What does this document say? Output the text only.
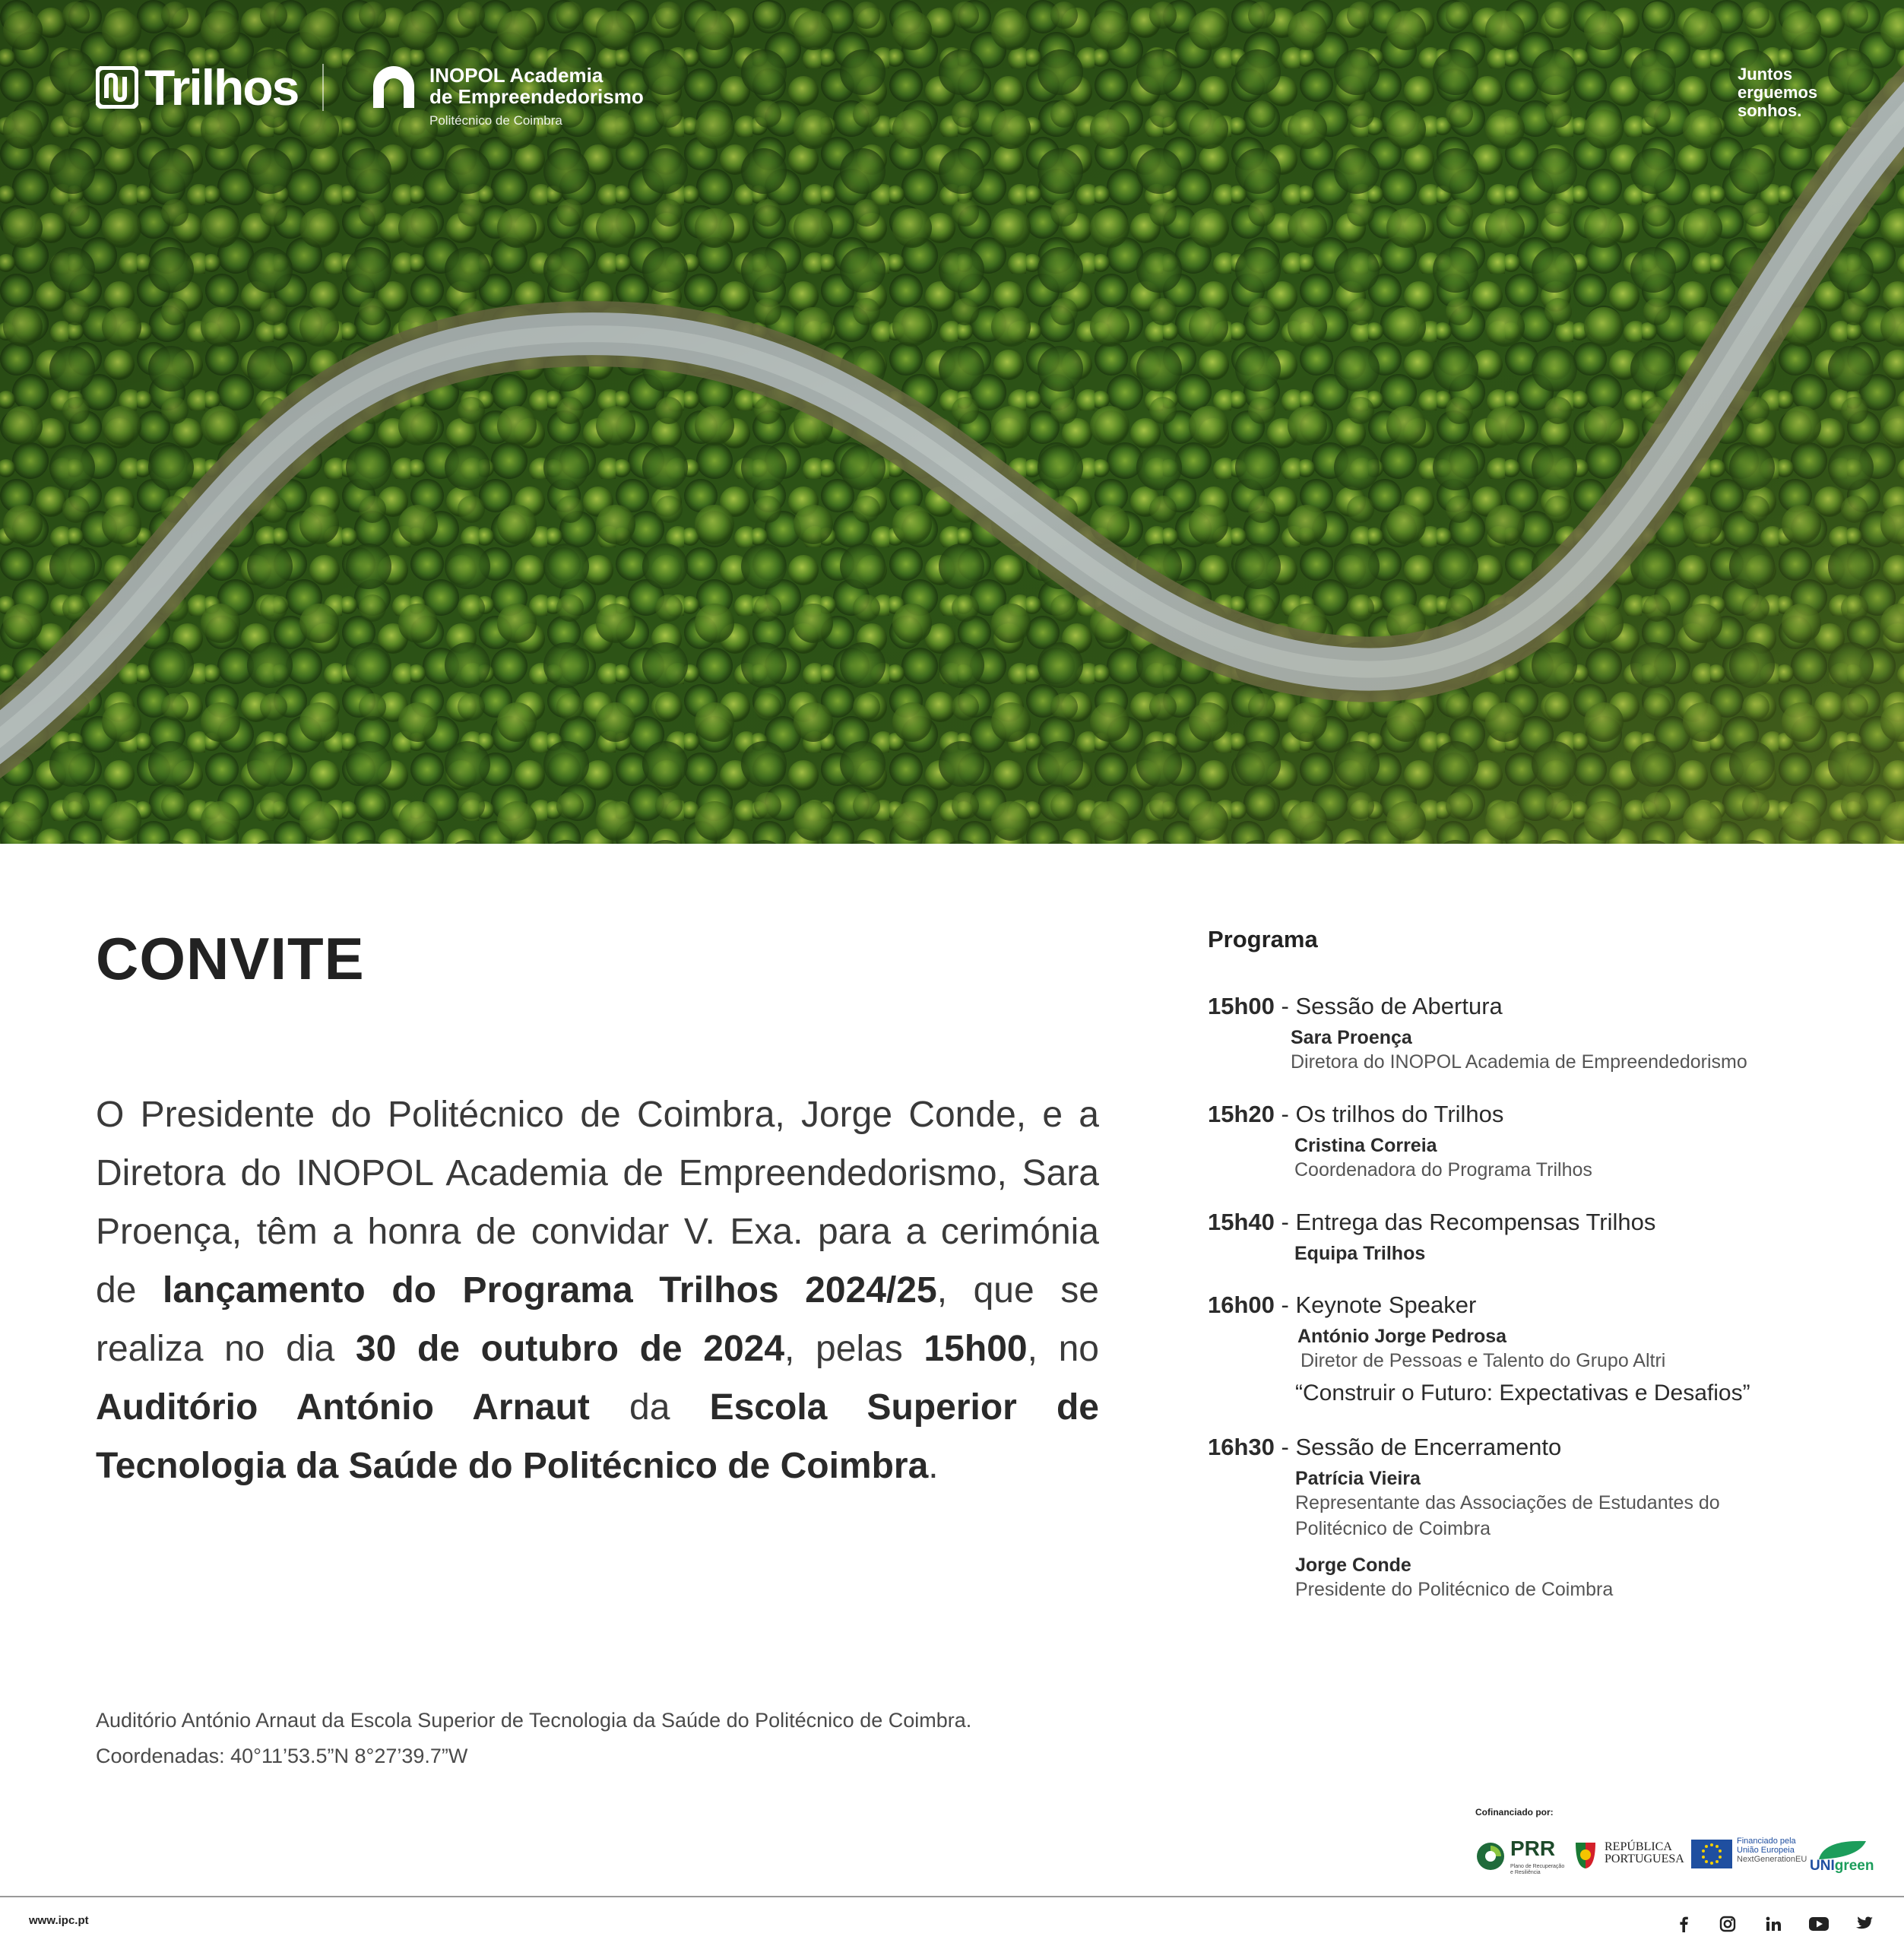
Trilhos	INOPOL Academia
de Empreendedorismo
Politécnico de Coimbra
Juntos
erguemos
sonhos.
CONVITE

O Presidente do Politécnico de Coimbra, Jorge Conde, e a Diretora do INOPOL Academia de Empreendedorismo, Sara Proença, têm a honra de convidar V. Exa. para a cerimónia de lançamento do Programa Trilhos 2024/25, que se realiza no dia 30 de outubro de 2024, pelas 15h00, no Auditório António Arnaut da Escola Superior de Tecnologia da Saúde do Politécnico de Coimbra.

Auditório António Arnaut da Escola Superior de Tecnologia da Saúde do Politécnico de Coimbra.
Coordenadas: 40°11’53.5”N 8°27’39.7”W
Programa
15h00 - Sessão de Abertura
Sara Proença
Diretora do INOPOL Academia de Empreendedorismo
15h20 - Os trilhos do Trilhos
Cristina Correia
Coordenadora do Programa Trilhos
15h40 - Entrega das Recompensas Trilhos
Equipa Trilhos
16h00 - Keynote Speaker
António Jorge Pedrosa
Diretor de Pessoas e Talento do Grupo Altri
“Construir o Futuro: Expectativas e Desafios”
16h30 - Sessão de Encerramento
Patrícia Vieira
Representante das Associações de Estudantes do
Politécnico de Coimbra
Jorge Conde
Presidente do Politécnico de Coimbra
Cofinanciado por:
PRR
Plano de Recuperação
e Resiliência
REPÚBLICA
PORTUGUESA
Financiado pela
União Europeia
NextGenerationEU UNIgreen
www.ipc.pt
